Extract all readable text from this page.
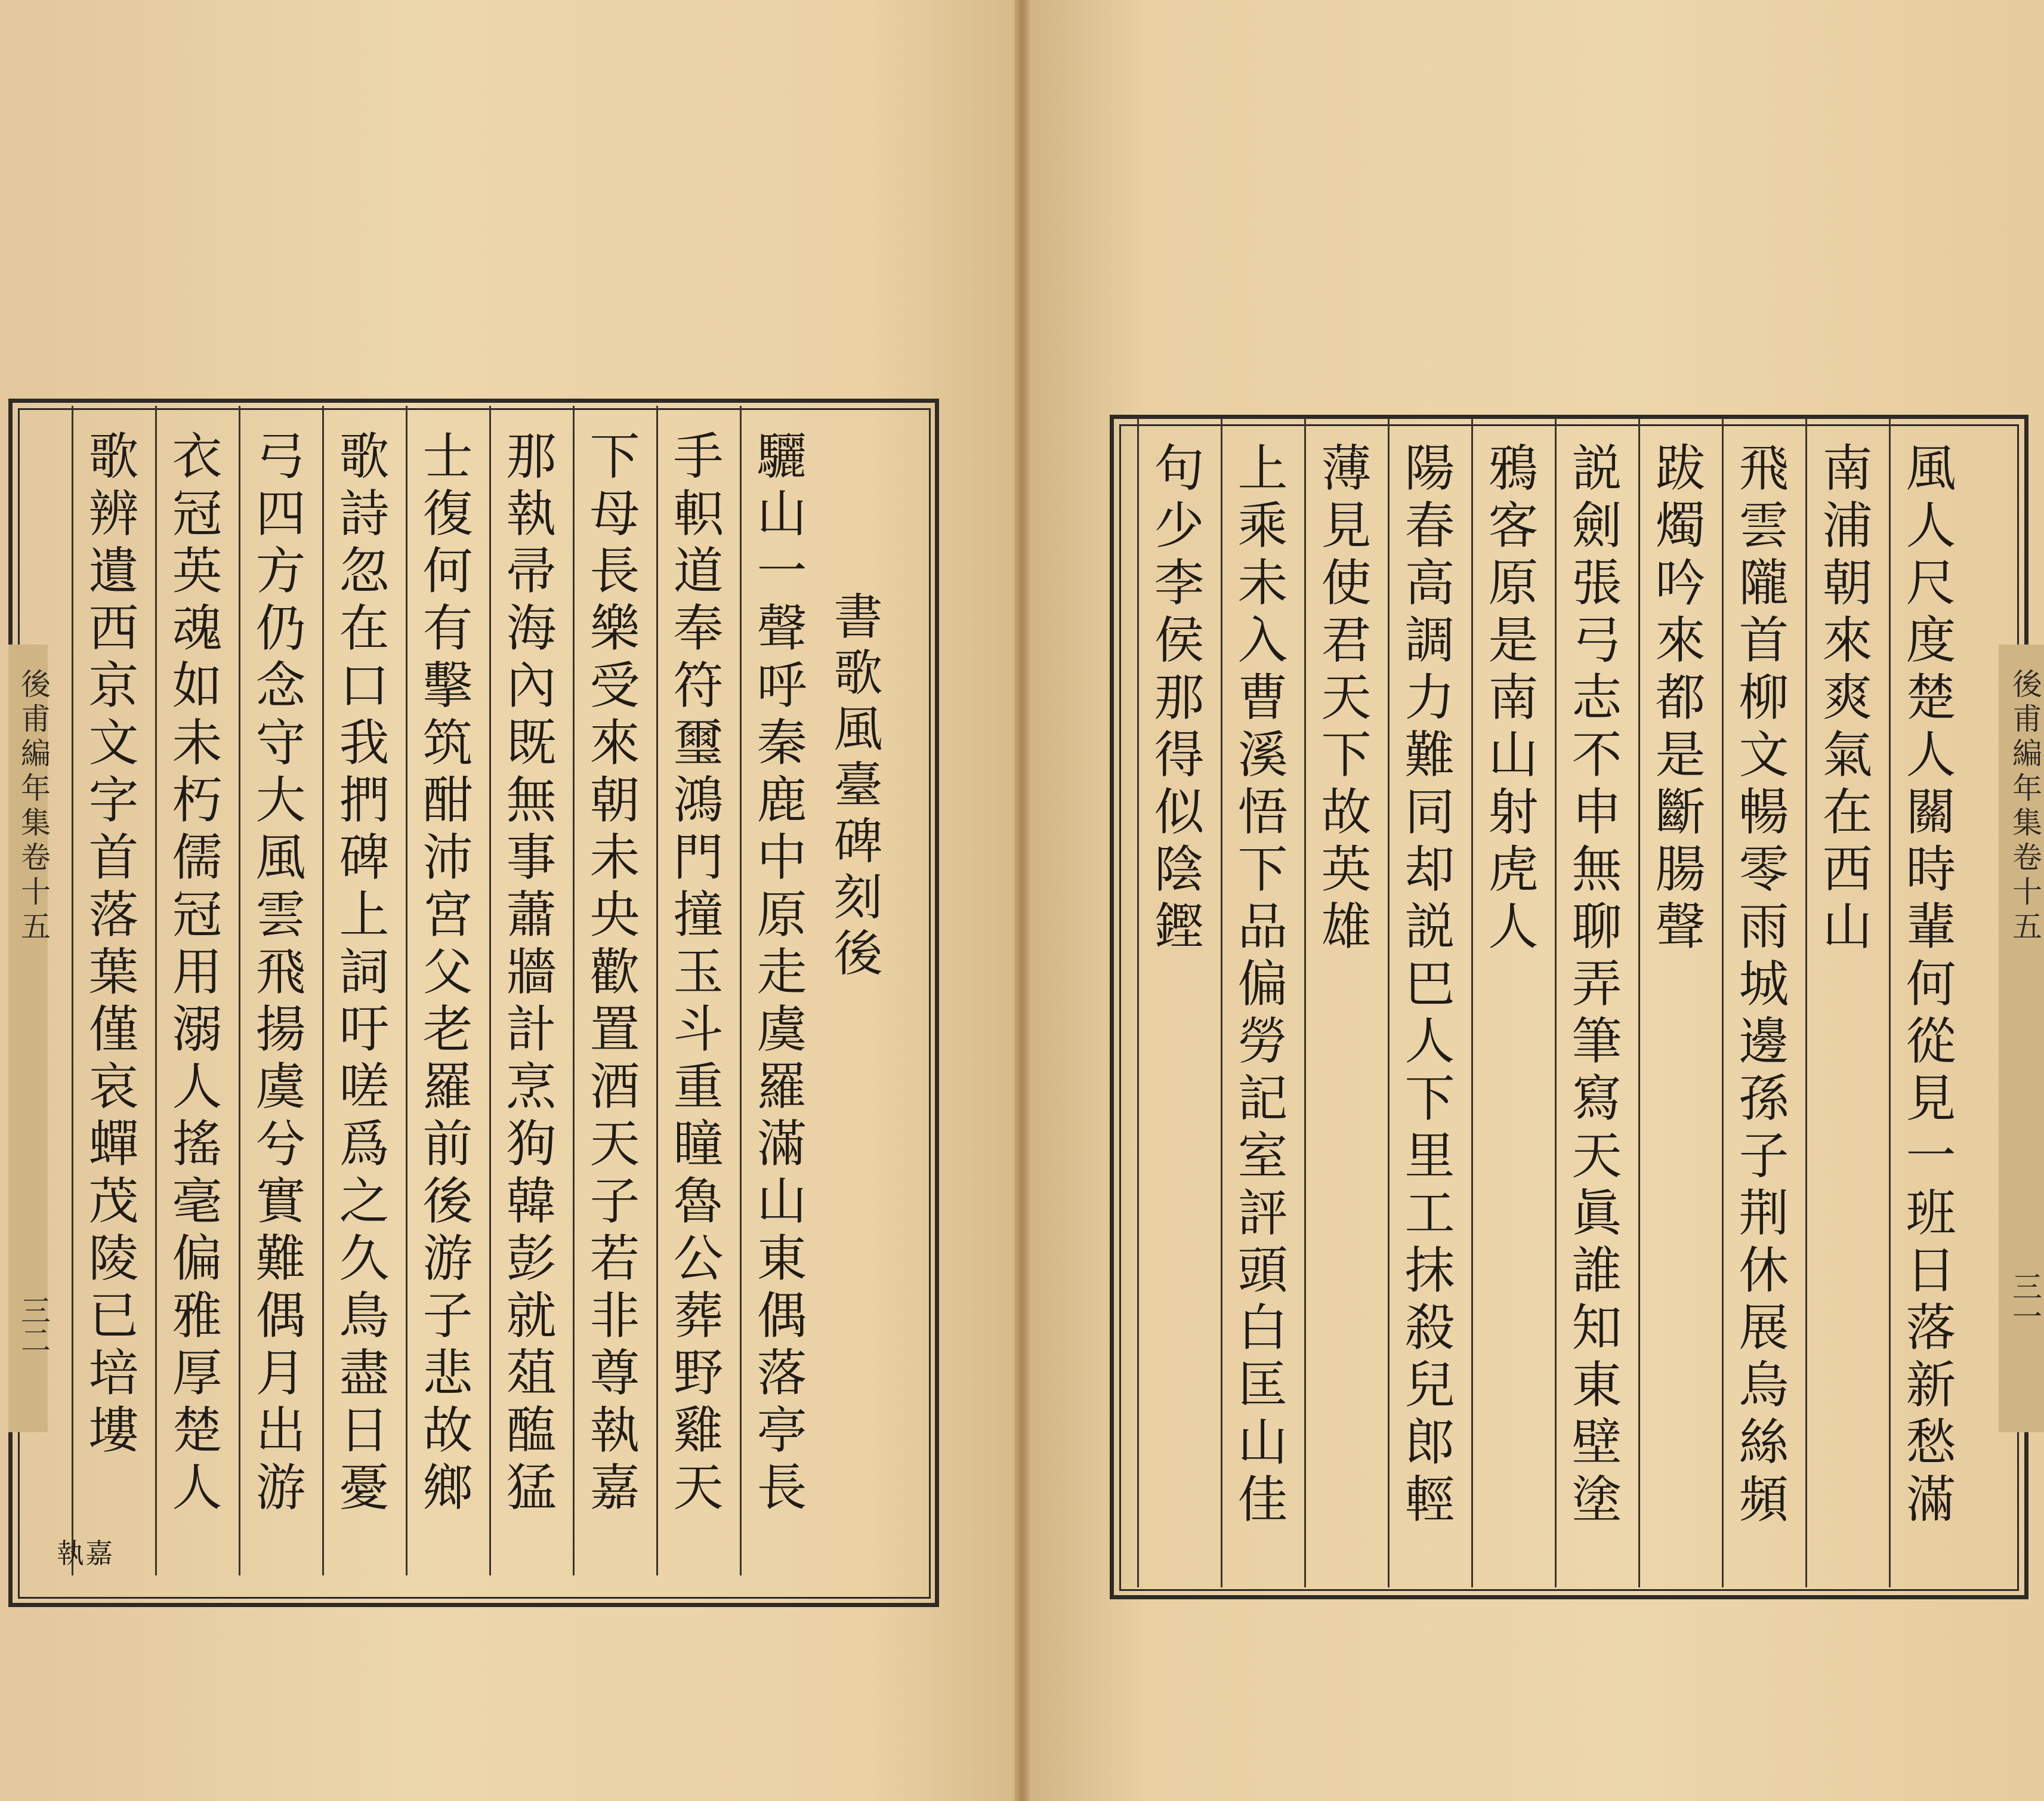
後甫編年集卷十五
三二
書歌風臺碑刻後
驪山一聲呼秦鹿中原走虞羅滿山東偶落亭長
手軹道奉符璽鴻門撞玉斗重瞳魯公葬野雞天
下母長樂受來朝未央歡置酒天子若非尊執嘉
那執帚海內既無事蕭牆計烹狗韓彭就葅醢猛
士復何有擊筑酣沛宮父老羅前後游子悲故鄉
歌詩忽在口我捫碑上詞吁嗟爲之久鳥盡日憂
弓四方仍念守大風雲飛揚虞兮實難偶月出游
衣冠英魂如未朽儒冠用溺人搖毫偏雅厚楚人
歌辨遺西京文字首落葉僅哀蟬茂陵已培塿
執嘉
後甫編年集卷十五
三一
風人尺度楚人關時輩何從見一班日落新愁滿
南浦朝來爽氣在西山
飛雲隴首柳文暢零雨城邊孫子荆休展烏絲頻
跋燭吟來都是斷腸聲
説劍張弓志不申無聊弄筆寫天眞誰知東壁塗
鴉客原是南山射虎人
陽春高調力難同却説巴人下里工抹殺兒郎輕
薄見使君天下故英雄
上乘未入曹溪悟下品偏勞記室評頭白匡山佳
句少李侯那得似陰鏗
